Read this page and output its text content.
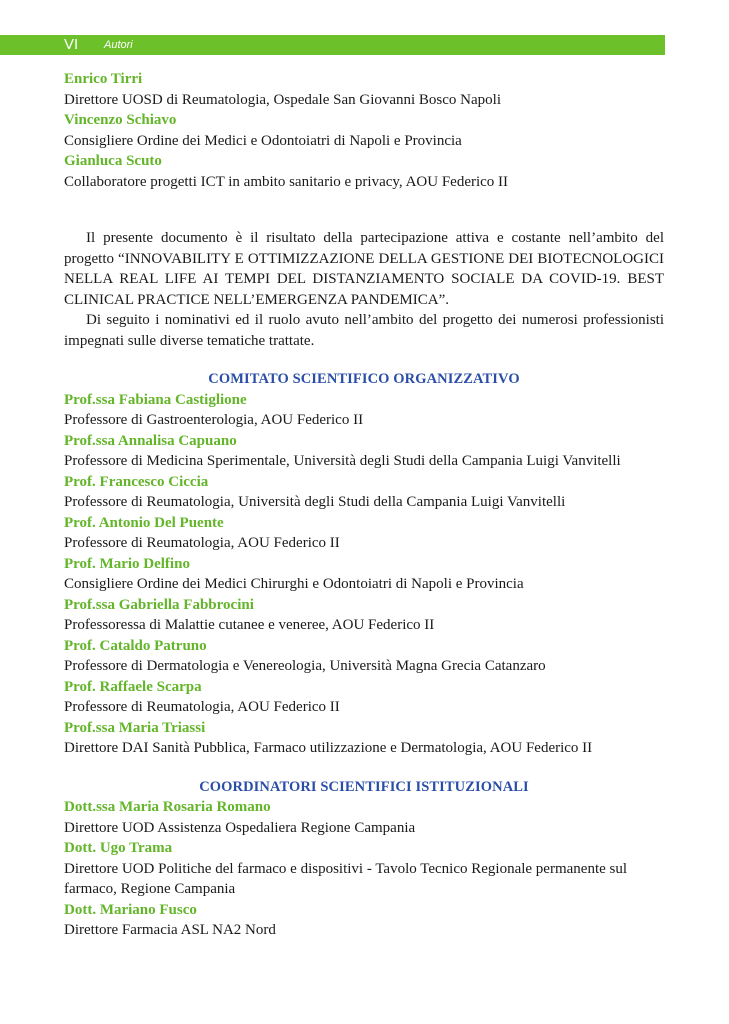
VI Autori
Enrico Tirri
Direttore UOSD di Reumatologia, Ospedale San Giovanni Bosco Napoli
Vincenzo Schiavo
Consigliere Ordine dei Medici e Odontoiatri di Napoli e Provincia
Gianluca Scuto
Collaboratore progetti ICT in ambito sanitario e privacy, AOU Federico II

Il presente documento è il risultato della partecipazione attiva e costante nell’ambito del progetto “INNOVABILITY E OTTIMIZZAZIONE DELLA GESTIONE DEI BIOTECNOLOGICI NELLA REAL LIFE AI TEMPI DEL DISTANZIAMENTO SOCIALE DA COVID-19. BEST CLINICAL PRACTICE NELL’EMERGENZA PANDEMICA”.

Di seguito i nominativi ed il ruolo avuto nell’ambito del progetto dei numerosi professionisti impegnati sulle diverse tematiche trattate.

COMITATO SCIENTIFICO ORGANIZZATIVO
Prof.ssa Fabiana Castiglione
Professore di Gastroenterologia, AOU Federico II
Prof.ssa Annalisa Capuano
Professore di Medicina Sperimentale, Università degli Studi della Campania Luigi Vanvitelli
Prof. Francesco Ciccia
Professore di Reumatologia, Università degli Studi della Campania Luigi Vanvitelli
Prof. Antonio Del Puente
Professore di Reumatologia, AOU Federico II
Prof. Mario Delfino
Consigliere Ordine dei Medici Chirurghi e Odontoiatri di Napoli e Provincia
Prof.ssa Gabriella Fabbrocini
Professoressa di Malattie cutanee e veneree, AOU Federico II
Prof. Cataldo Patruno
Professore di Dermatologia e Venereologia, Università Magna Grecia Catanzaro
Prof. Raffaele Scarpa
Professore di Reumatologia, AOU Federico II
Prof.ssa Maria Triassi
Direttore DAI Sanità Pubblica, Farmaco utilizzazione e Dermatologia, AOU Federico II
COORDINATORI SCIENTIFICI ISTITUZIONALI
Dott.ssa Maria Rosaria Romano
Direttore UOD Assistenza Ospedaliera Regione Campania
Dott. Ugo Trama
Direttore UOD Politiche del farmaco e dispositivi - Tavolo Tecnico Regionale permanente sul farmaco, Regione Campania
Dott. Mariano Fusco
Direttore Farmacia ASL NA2 Nord
